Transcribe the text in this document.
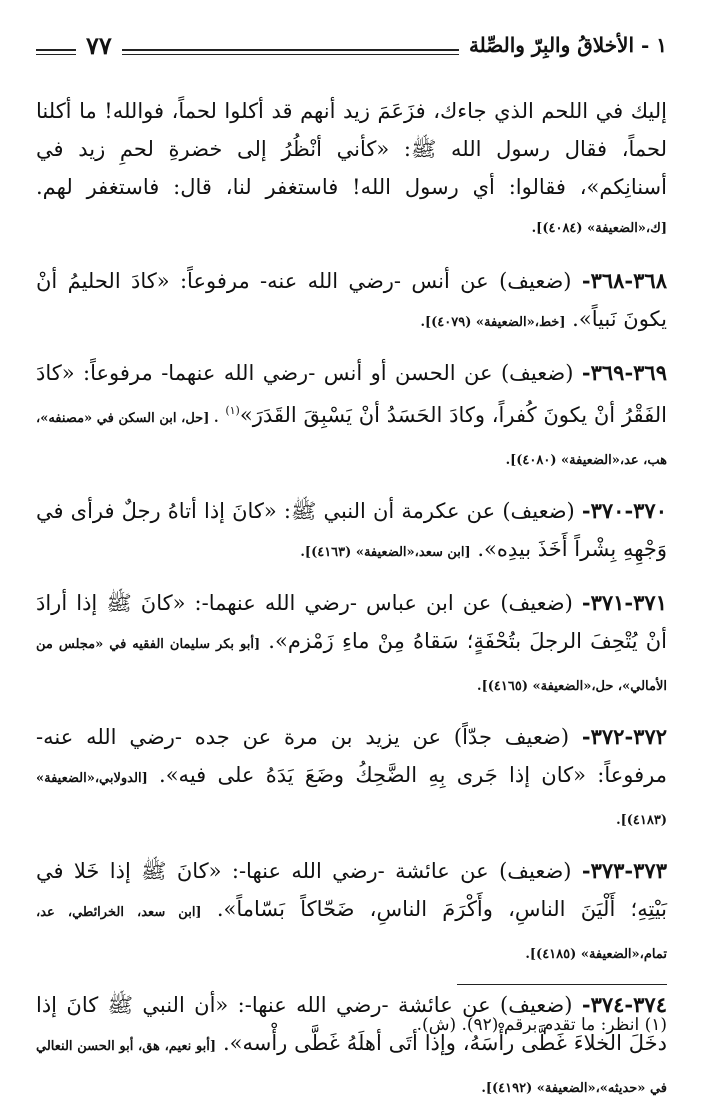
١ - الأخلاقُ والبِرّ والصِّلة
٧٧

إليك في اللحم الذي جاءك، فزَعَمَ زيد أنهم قد أكلوا لحماً، فوالله! ما أكلنا لحماً، فقال رسول الله ﷺ: «كأني أنْظُرُ إلى خضرةِ لحمِ زيد في أسنانِكم»، فقالوا: أي رسول الله! فاستغفر لنا، قال: فاستغفر لهم. [ك،«الضعيفة» (٤٠٨٤)].

٣٦٨-٣٦٨- (ضعيف) عن أنس -رضي الله عنه- مرفوعاً: «كادَ الحليمُ أنْ يكونَ نَبياً». [خط،«الضعيفة» (٤٠٧٩)].

٣٦٩-٣٦٩- (ضعيف) عن الحسن أو أنس -رضي الله عنهما- مرفوعاً: «كادَ الفَقْرُ أنْ يكونَ كُفراً، وكادَ الحَسَدُ أنْ يَسْبِقَ القَدَرَ»$^{(١)}$ . [حل، ابن السكن في «مصنفه»، هب، عد،«الضعيفة» (٤٠٨٠)].

٣٧٠-٣٧٠- (ضعيف) عن عكرمة أن النبي ﷺ: «كانَ إذا أتاهُ رجلٌ فرأى في وَجْهِهِ بِشْراً أَخَذَ بيدِه». [ابن سعد،«الضعيفة» (٤١٦٣)].

٣٧١-٣٧١- (ضعيف) عن ابن عباس -رضي الله عنهما-: «كانَ ﷺ إذا أرادَ أنْ يُتْحِفَ الرجلَ بتُحْفَةٍ؛ سَقاهُ مِنْ ماءِ زَمْزم». [أبو بكر سليمان الفقيه في «مجلس من الأمالي»، حل،«الضعيفة» (٤١٦٥)].

٣٧٢-٣٧٢- (ضعيف جدّاً) عن يزيد بن مرة عن جده -رضي الله عنه- مرفوعاً: «كان إذا جَرى بِهِ الضَّحِكُ وضَعَ يَدَهُ على فيه». [الدولابي،«الضعيفة» (٤١٨٣)].

٣٧٣-٣٧٣- (ضعيف) عن عائشة -رضي الله عنها-: «كانَ ﷺ إذا خَلا في بَيْتِهِ؛ أَلْيَنَ الناسِ، وأَكْرَمَ الناسِ، ضَحّاكاً بَسّاماً». [ابن سعد، الخرائطي، عد، تمام،«الضعيفة» (٤١٨٥)].

٣٧٤-٣٧٤- (ضعيف) عن عائشة -رضي الله عنها-: «أن النبي ﷺ كانَ إذا دخَلَ الخلاءَ غَطَّى رأْسَهُ، وإذا أتَى أهلَهُ غَطَّى رأْسه». [أبو نعيم، هق، أبو الحسن النعالي في «حديثه»،«الضعيفة» (٤١٩٢)].

(١) انظر: ما تقدم برقم (٩٢). (ش).
